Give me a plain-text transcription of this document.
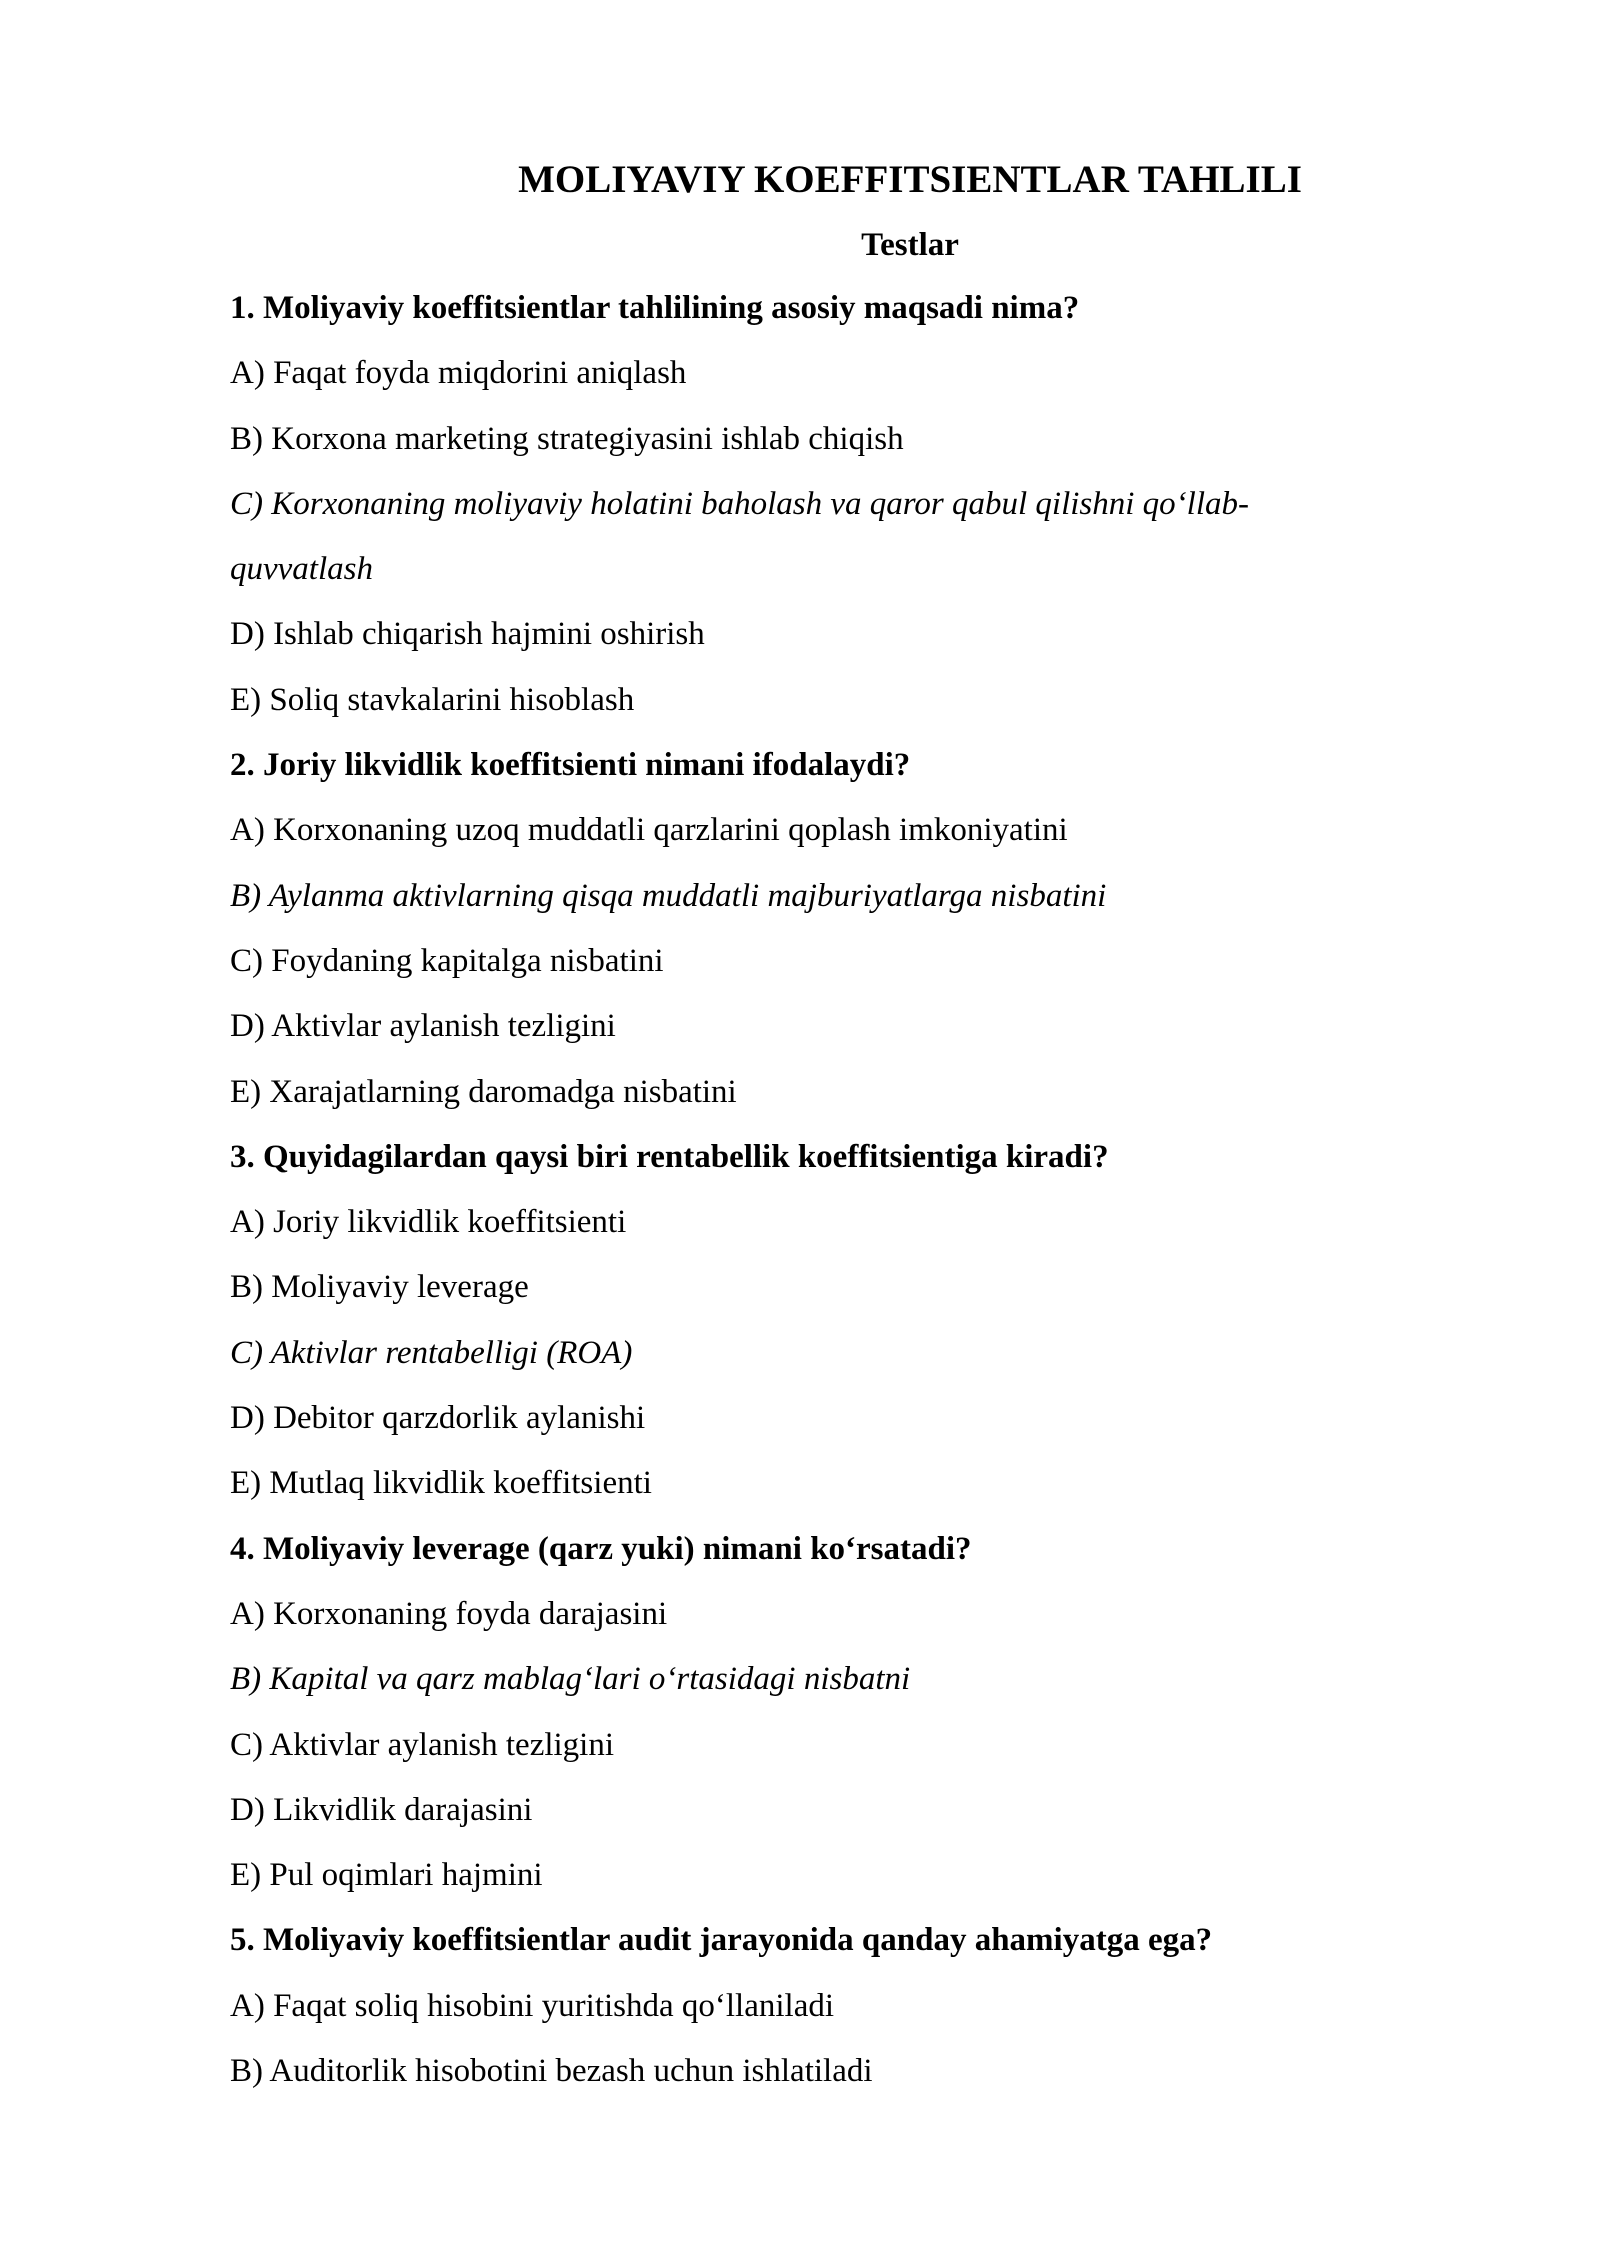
MOLIYAVIY KOEFFITSIENTLAR TAHLILI
Testlar

1. Moliyaviy koeffitsientlar tahlilining asosiy maqsadi nima?

A) Faqat foyda miqdorini aniqlash

B) Korxona marketing strategiyasini ishlab chiqish

C) Korxonaning moliyaviy holatini baholash va qaror qabul qilishni qo‘llab-

quvvatlash

D) Ishlab chiqarish hajmini oshirish

E) Soliq stavkalarini hisoblash

2. Joriy likvidlik koeffitsienti nimani ifodalaydi?

A) Korxonaning uzoq muddatli qarzlarini qoplash imkoniyatini

B) Aylanma aktivlarning qisqa muddatli majburiyatlarga nisbatini

C) Foydaning kapitalga nisbatini

D) Aktivlar aylanish tezligini

E) Xarajatlarning daromadga nisbatini

3. Quyidagilardan qaysi biri rentabellik koeffitsientiga kiradi?

A) Joriy likvidlik koeffitsienti

B) Moliyaviy leverage

C) Aktivlar rentabelligi (ROA)

D) Debitor qarzdorlik aylanishi

E) Mutlaq likvidlik koeffitsienti

4. Moliyaviy leverage (qarz yuki) nimani ko‘rsatadi?

A) Korxonaning foyda darajasini

B) Kapital va qarz mablag‘lari o‘rtasidagi nisbatni

C) Aktivlar aylanish tezligini

D) Likvidlik darajasini

E) Pul oqimlari hajmini

5. Moliyaviy koeffitsientlar audit jarayonida qanday ahamiyatga ega?

A) Faqat soliq hisobini yuritishda qo‘llaniladi

B) Auditorlik hisobotini bezash uchun ishlatiladi
